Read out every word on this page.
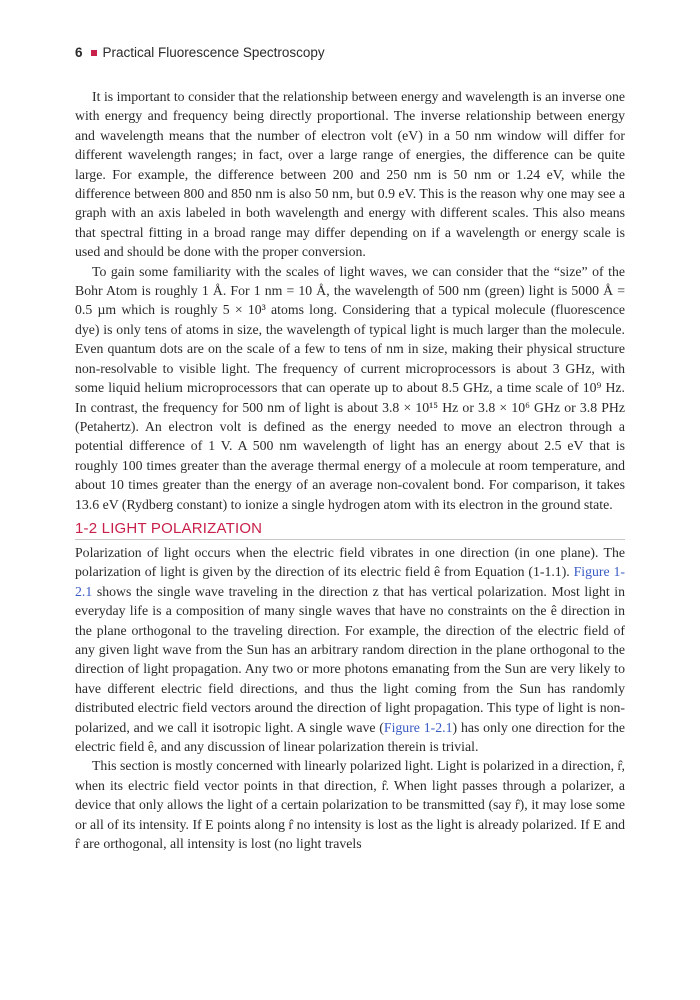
6 Practical Fluorescence Spectroscopy

It is important to consider that the relationship between energy and wavelength is an inverse one with energy and frequency being directly proportional. The inverse relationship between energy and wavelength means that the number of electron volt (eV) in a 50 nm window will differ for different wavelength ranges; in fact, over a large range of energies, the difference can be quite large. For example, the difference between 200 and 250 nm is 50 nm or 1.24 eV, while the difference between 800 and 850 nm is also 50 nm, but 0.9 eV. This is the reason why one may see a graph with an axis labeled in both wavelength and energy with different scales. This also means that spectral fitting in a broad range may differ depending on if a wavelength or energy scale is used and should be done with the proper conversion.

To gain some familiarity with the scales of light waves, we can consider that the “size” of the Bohr Atom is roughly 1 Å. For 1 nm = 10 Å, the wavelength of 500 nm (green) light is 5000 Å = 0.5 µm which is roughly 5 × 10³ atoms long. Considering that a typical molecule (fluorescence dye) is only tens of atoms in size, the wavelength of typical light is much larger than the molecule. Even quantum dots are on the scale of a few to tens of nm in size, making their physical structure non-resolvable to visible light. The frequency of current microprocessors is about 3 GHz, with some liquid helium microprocessors that can operate up to about 8.5 GHz, a time scale of 10⁹ Hz. In contrast, the frequency for 500 nm of light is about 3.8 × 10¹⁵ Hz or 3.8 × 10⁶ GHz or 3.8 PHz (Petahertz). An electron volt is defined as the energy needed to move an electron through a potential difference of 1 V. A 500 nm wavelength of light has an energy about 2.5 eV that is roughly 100 times greater than the average thermal energy of a molecule at room temperature, and about 10 times greater than the energy of an average non-covalent bond. For comparison, it takes 13.6 eV (Rydberg constant) to ionize a single hydrogen atom with its electron in the ground state.

1-2 LIGHT POLARIZATION

Polarization of light occurs when the electric field vibrates in one direction (in one plane). The polarization of light is given by the direction of its electric field ê from Equation (1-1.1). Figure 1-2.1 shows the single wave traveling in the direction z that has vertical polarization. Most light in everyday life is a composition of many single waves that have no constraints on the ê direction in the plane orthogonal to the traveling direction. For example, the direction of the electric field of any given light wave from the Sun has an arbitrary random direction in the plane orthogonal to the direction of light propagation. Any two or more photons emanating from the Sun are very likely to have different electric field directions, and thus the light coming from the Sun has randomly distributed electric field vectors around the direction of light propagation. This type of light is non-polarized, and we call it isotropic light. A single wave (Figure 1-2.1) has only one direction for the electric field ê, and any discussion of linear polarization therein is trivial.

This section is mostly concerned with linearly polarized light. Light is polarized in a direction, r̂, when its electric field vector points in that direction, r̂. When light passes through a polarizer, a device that only allows the light of a certain polarization to be transmitted (say r̂), it may lose some or all of its intensity. If E points along r̂ no intensity is lost as the light is already polarized. If E and r̂ are orthogonal, all intensity is lost (no light travels
